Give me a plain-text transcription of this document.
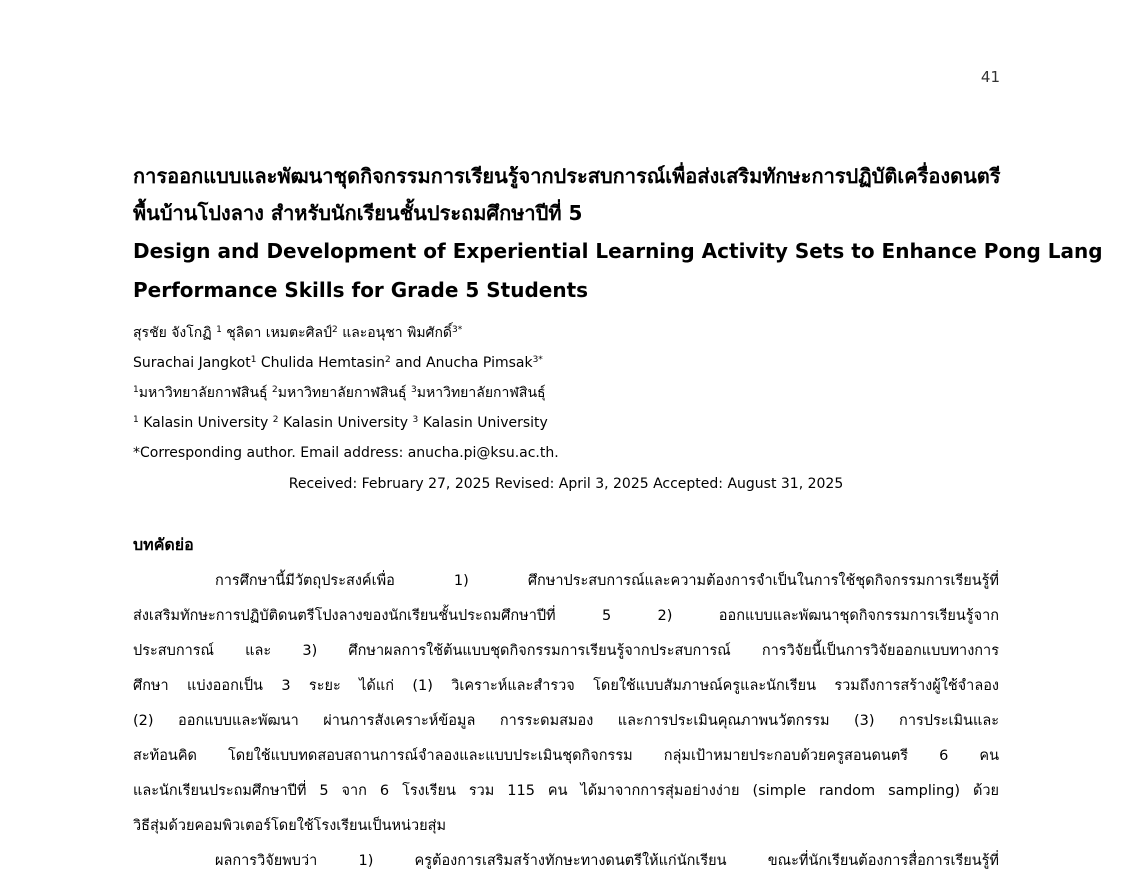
41
การออกแบบและพัฒนาชุดกิจกรรมการเรียนรู้จากประสบการณ์เพื่อส่งเสริมทักษะการปฏิบัติเครื่องดนตรี
พื้นบ้านโปงลาง สำหรับนักเรียนชั้นประถมศึกษาปีที่ 5
Design and Development of Experiential Learning Activity Sets to Enhance Pong Lang
Performance Skills for Grade 5 Students
สุรชัย จังโกฏิ $^1$ ชุลิดา เหมตะศิลป์$^2$ และอนุชา พิมศักดิ์$^{3*}$
Surachai Jangkot$^1$ Chulida Hemtasin$^2$ and Anucha Pimsak$^{3*}$
$^1$มหาวิทยาลัยกาฬสินธุ์ $^2$มหาวิทยาลัยกาฬสินธุ์ $^3$มหาวิทยาลัยกาฬสินธุ์
$^1$ Kalasin University $^2$ Kalasin University $^3$ Kalasin University
*Corresponding author. Email address: anucha.pi@ksu.ac.th.
Received: February 27, 2025 Revised: April 3, 2025 Accepted: August 31, 2025
บทคัดย่อ
การศึกษานี้มีวัตถุประสงค์เพื่อ 1) ศึกษาประสบการณ์และความต้องการจำเป็นในการใช้ชุดกิจกรรมการเรียนรู้ที่
ส่งเสริมทักษะการปฏิบัติดนตรีโปงลางของนักเรียนชั้นประถมศึกษาปีที่ 5 2) ออกแบบและพัฒนาชุดกิจกรรมการเรียนรู้จาก
ประสบการณ์ และ 3) ศึกษาผลการใช้ต้นแบบชุดกิจกรรมการเรียนรู้จากประสบการณ์ การวิจัยนี้เป็นการวิจัยออกแบบทางการ
ศึกษา แบ่งออกเป็น 3 ระยะ ได้แก่ (1) วิเคราะห์และสำรวจ โดยใช้แบบสัมภาษณ์ครูและนักเรียน รวมถึงการสร้างผู้ใช้จำลอง
(2) ออกแบบและพัฒนา ผ่านการสังเคราะห์ข้อมูล การระดมสมอง และการประเมินคุณภาพนวัตกรรม (3) การประเมินและ
สะท้อนคิด โดยใช้แบบทดสอบสถานการณ์จำลองและแบบประเมินชุดกิจกรรม กลุ่มเป้าหมายประกอบด้วยครูสอนดนตรี 6 คน
และนักเรียนประถมศึกษาปีที่ 5 จาก 6 โรงเรียน รวม 115 คน ได้มาจากการสุ่มอย่างง่าย (simple random sampling) ด้วย
วิธีสุ่มด้วยคอมพิวเตอร์โดยใช้โรงเรียนเป็นหน่วยสุ่ม
ผลการวิจัยพบว่า 1) ครูต้องการเสริมสร้างทักษะทางดนตรีให้แก่นักเรียน ขณะที่นักเรียนต้องการสื่อการเรียนรู้ที่
